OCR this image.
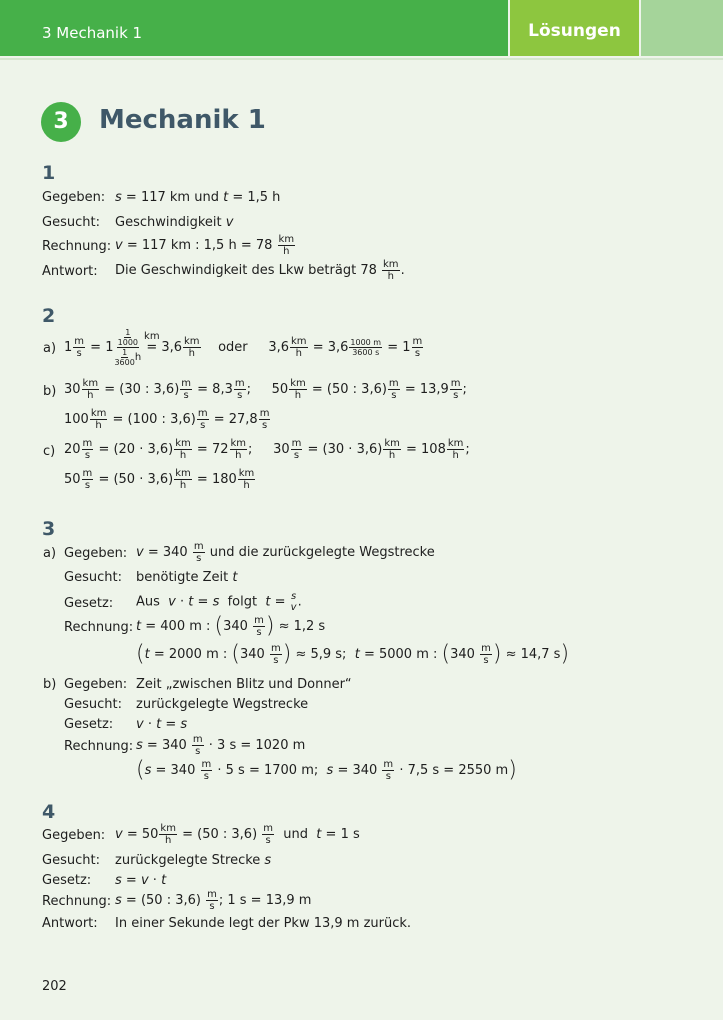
3 Mechanik 1	Lösungen
3	Mechanik 1
1
Gegeben: s = 117 km und t = 1,5 h
Gesucht: Geschwindigkeit v
Rechnung: v = 117 km : 1,5 $h = 78 \frac{km}{h}$
Antwort: Die Geschwindigkeit des Lkw beträgt $78 \frac{km}{h}$ .
2
a) $1 \frac{m}{s} = 1$ 1
1000
km
1
3600 $h = 3,6 \frac{km}{h}$ oder $3,6 \frac{km}{h} = 3,6 \frac{1000 m}{3600 s} = 1 \frac{m}{s}$
b) $30 \frac{km}{h} = (30$ : $3,6) \frac{m}{s} = 8,3 \frac{m}{s}$ ;     $50 \frac{km}{h} = (50$ : $3,6) \frac{m}{s} = 13,9 \frac{m}{s}$ ;
$100 \frac{km}{h} = (100$ : $3,6) \frac{m}{s} = 27,8 \frac{m}{s}$
c) $20 \frac{m}{s} = (20 \cdot 3,6) \frac{km}{h} = 72 \frac{km}{h}$ ;     $30 \frac{m}{s} = (30 \cdot 3,6) \frac{km}{h} = 108 \frac{km}{h}$ ;
$50 \frac{m}{s} = (50 \cdot 3,6) \frac{km}{h} = 180 \frac{km}{h}$
3
a) Gegeben: $v = 340 \frac{m}{s}$ und die zurückgelegte Wegstrecke
Gesucht: benötigte Zeit t
Gesetz: Aus v · t = s folgt t = s
v .
Rechnung: t = 400 m : ($340 \frac{m}{s}$ ) ≈ 1,2 s
(t = 2000 m : ($340 \frac{m}{s}$ ) ≈ 5,9 s; t = 5000 m : ($340 \frac{m}{s}$ ) ≈ 14,7 s)
b) Gegeben: Zeit „zwischen Blitz und Donner“
Gesucht: zurückgelegte Wegstrecke
Gesetz: v · t = s
Rechnung: $s = 340 \frac{m}{s} \cdot 3$ s = 1020 m
($s = 340 \frac{m}{s} \cdot 5$ s = 1700 m; $s = 340 \frac{m}{s} \cdot 7,5$ s = 2550 m)
4
Gegeben: $v = 50 \frac{km}{h} = (50$ : $3,6) \frac{m}{s}$ und t = 1 s
Gesucht: zurückgelegte Strecke s
Gesetz: s = v · t
Rechnung: s = (50 : $3,6) \frac{m}{s}$ ; 1 s = 13,9 m
Antwort: In einer Sekunde legt der Pkw 13,9 m zurück.
202
